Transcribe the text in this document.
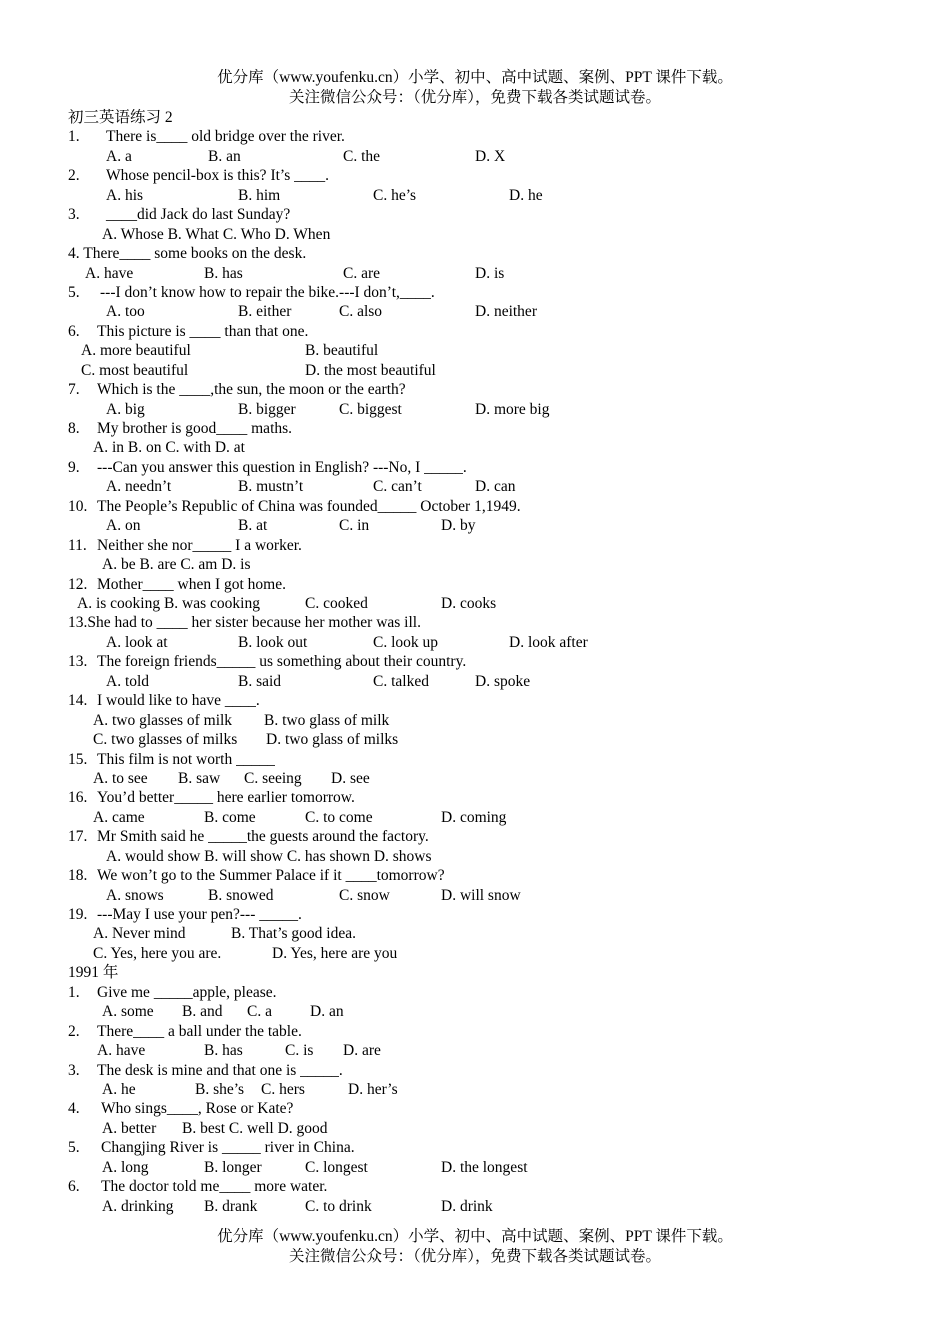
优分库（www.youfenku.cn）小学、初中、高中试题、案例、PPT 课件下载。
关注微信公众号：（优分库），免费下载各类试题试卷。
初三英语练习 2
1. There is____ old bridge over the river.
A. a	B. an	C. the	D. X
2. Whose pencil-box is this? It’s ____.
A. his	B. him	C. he’s	D. he
3. ____did Jack do last Sunday?
A. Whose B. What C. Who D. When
4. There____ some books on the desk.
A. have	B. has	C. are	D. is
5. ---I don’t know how to repair the bike.---I don’t,____.
A. too	B. either	C. also	D. neither
6. This picture is ____ than that one.
A. more beautiful	B. beautiful
C. most beautiful	D. the most beautiful
7. Which is the ____,the sun, the moon or the earth?
A. big	B. bigger	C. biggest	D. more big
8. My brother is good____ maths.
A. in B. on C. with D. at
9. ---Can you answer this question in English? ---No, I _____.
A. needn’t	B. mustn’t	C. can’t	D. can
10. The People’s Republic of China was founded_____ October 1,1949.
A. on	B. at	C. in	D. by
11. Neither she nor_____ I a worker.
A. be B. are C. am D. is
12. Mother____ when I got home.
A. is cooking B. was cooking	C. cooked	D. cooks
13.She had to ____ her sister because her mother was ill.
A. look at	B. look out	C. look up	D. look after
13. The foreign friends_____ us something about their country.
A. told	B. said	C. talked	D. spoke
14. I would like to have ____.
A. two glasses of milk B. two glass of milk
C. two glasses of milks D. two glass of milks
15. This film is not worth _____
A. to see B. saw C. seeing D. see
16. You’d better_____ here earlier tomorrow.
A. came	B. come	C. to come	D. coming
17. Mr Smith said he _____the guests around the factory.
A. would show B. will show C. has shown D. shows
18. We won’t go to the Summer Palace if it ____tomorrow?
A. snows	B. snowed	C. snow	D. will snow
19. ---May I use your pen?--- _____.
A. Never mind	B. That’s good idea.
C. Yes, here you are.	D. Yes, here are you
1991 年
1. Give me _____apple, please.
A. some B. and C. a D. an
2. There____ a ball under the table.
A. have	B. has	C. is D. are
3. The desk is mine and that one is _____.
A. he	B. she’s C. hers	D. her’s
4. Who sings____, Rose or Kate?
A. better B. best C. well D. good
5. Changjing River is _____ river in China.
A. long	B. longer	C. longest	D. the longest
6. The doctor told me____ more water.
A. drinking B. drank	C. to drink	D. drink
优分库（www.youfenku.cn）小学、初中、高中试题、案例、PPT 课件下载。
关注微信公众号：（优分库），免费下载各类试题试卷。
